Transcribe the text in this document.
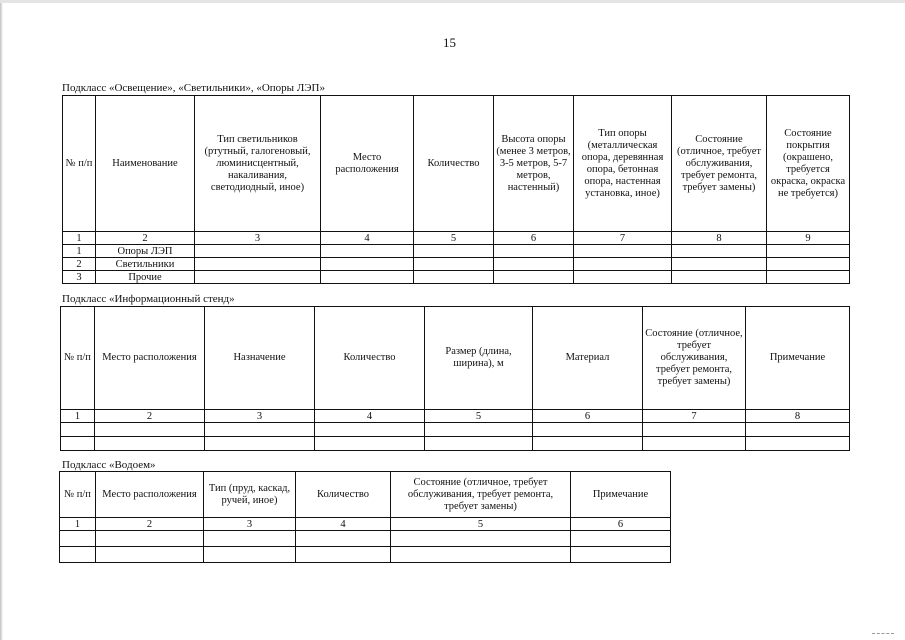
15
Подкласс «Освещение», «Светильники», «Опоры ЛЭП»
№ п/п	Наименование	Тип светильников (ртутный, галогеновый, люминисцентный, накаливания, светодиодный, иное)	Место расположения	Количество	Высота опоры (менее 3 метров, 3-5 метров, 5-7 метров, настенный)	Тип опоры (металлическая опора, деревянная опора, бетонная опора, настенная установка, иное)	Состояние (отличное, требует обслуживания, требует ремонта, требует замены)	Состояние покрытия (окрашено, требуется окраска, окраска не требуется)
1	2	3	4	5	6	7	8	9
1	Опоры ЛЭП							
2	Светильники							
3	Прочие							
Подкласс «Информационный стенд»
№ п/п	Место расположения	Назначение	Количество	Размер (длина, ширина), м	Материал	Состояние (отличное, требует обслуживания, требует ремонта, требует замены)	Примечание
1	2	3	4	5	6	7	8

Подкласс «Водоем»
№ п/п	Место расположения	Тип (пруд, каскад, ручей, иное)	Количество	Состояние (отличное, требует обслуживания, требует ремонта, требует замены)	Примечание
1	2	3	4	5	6
